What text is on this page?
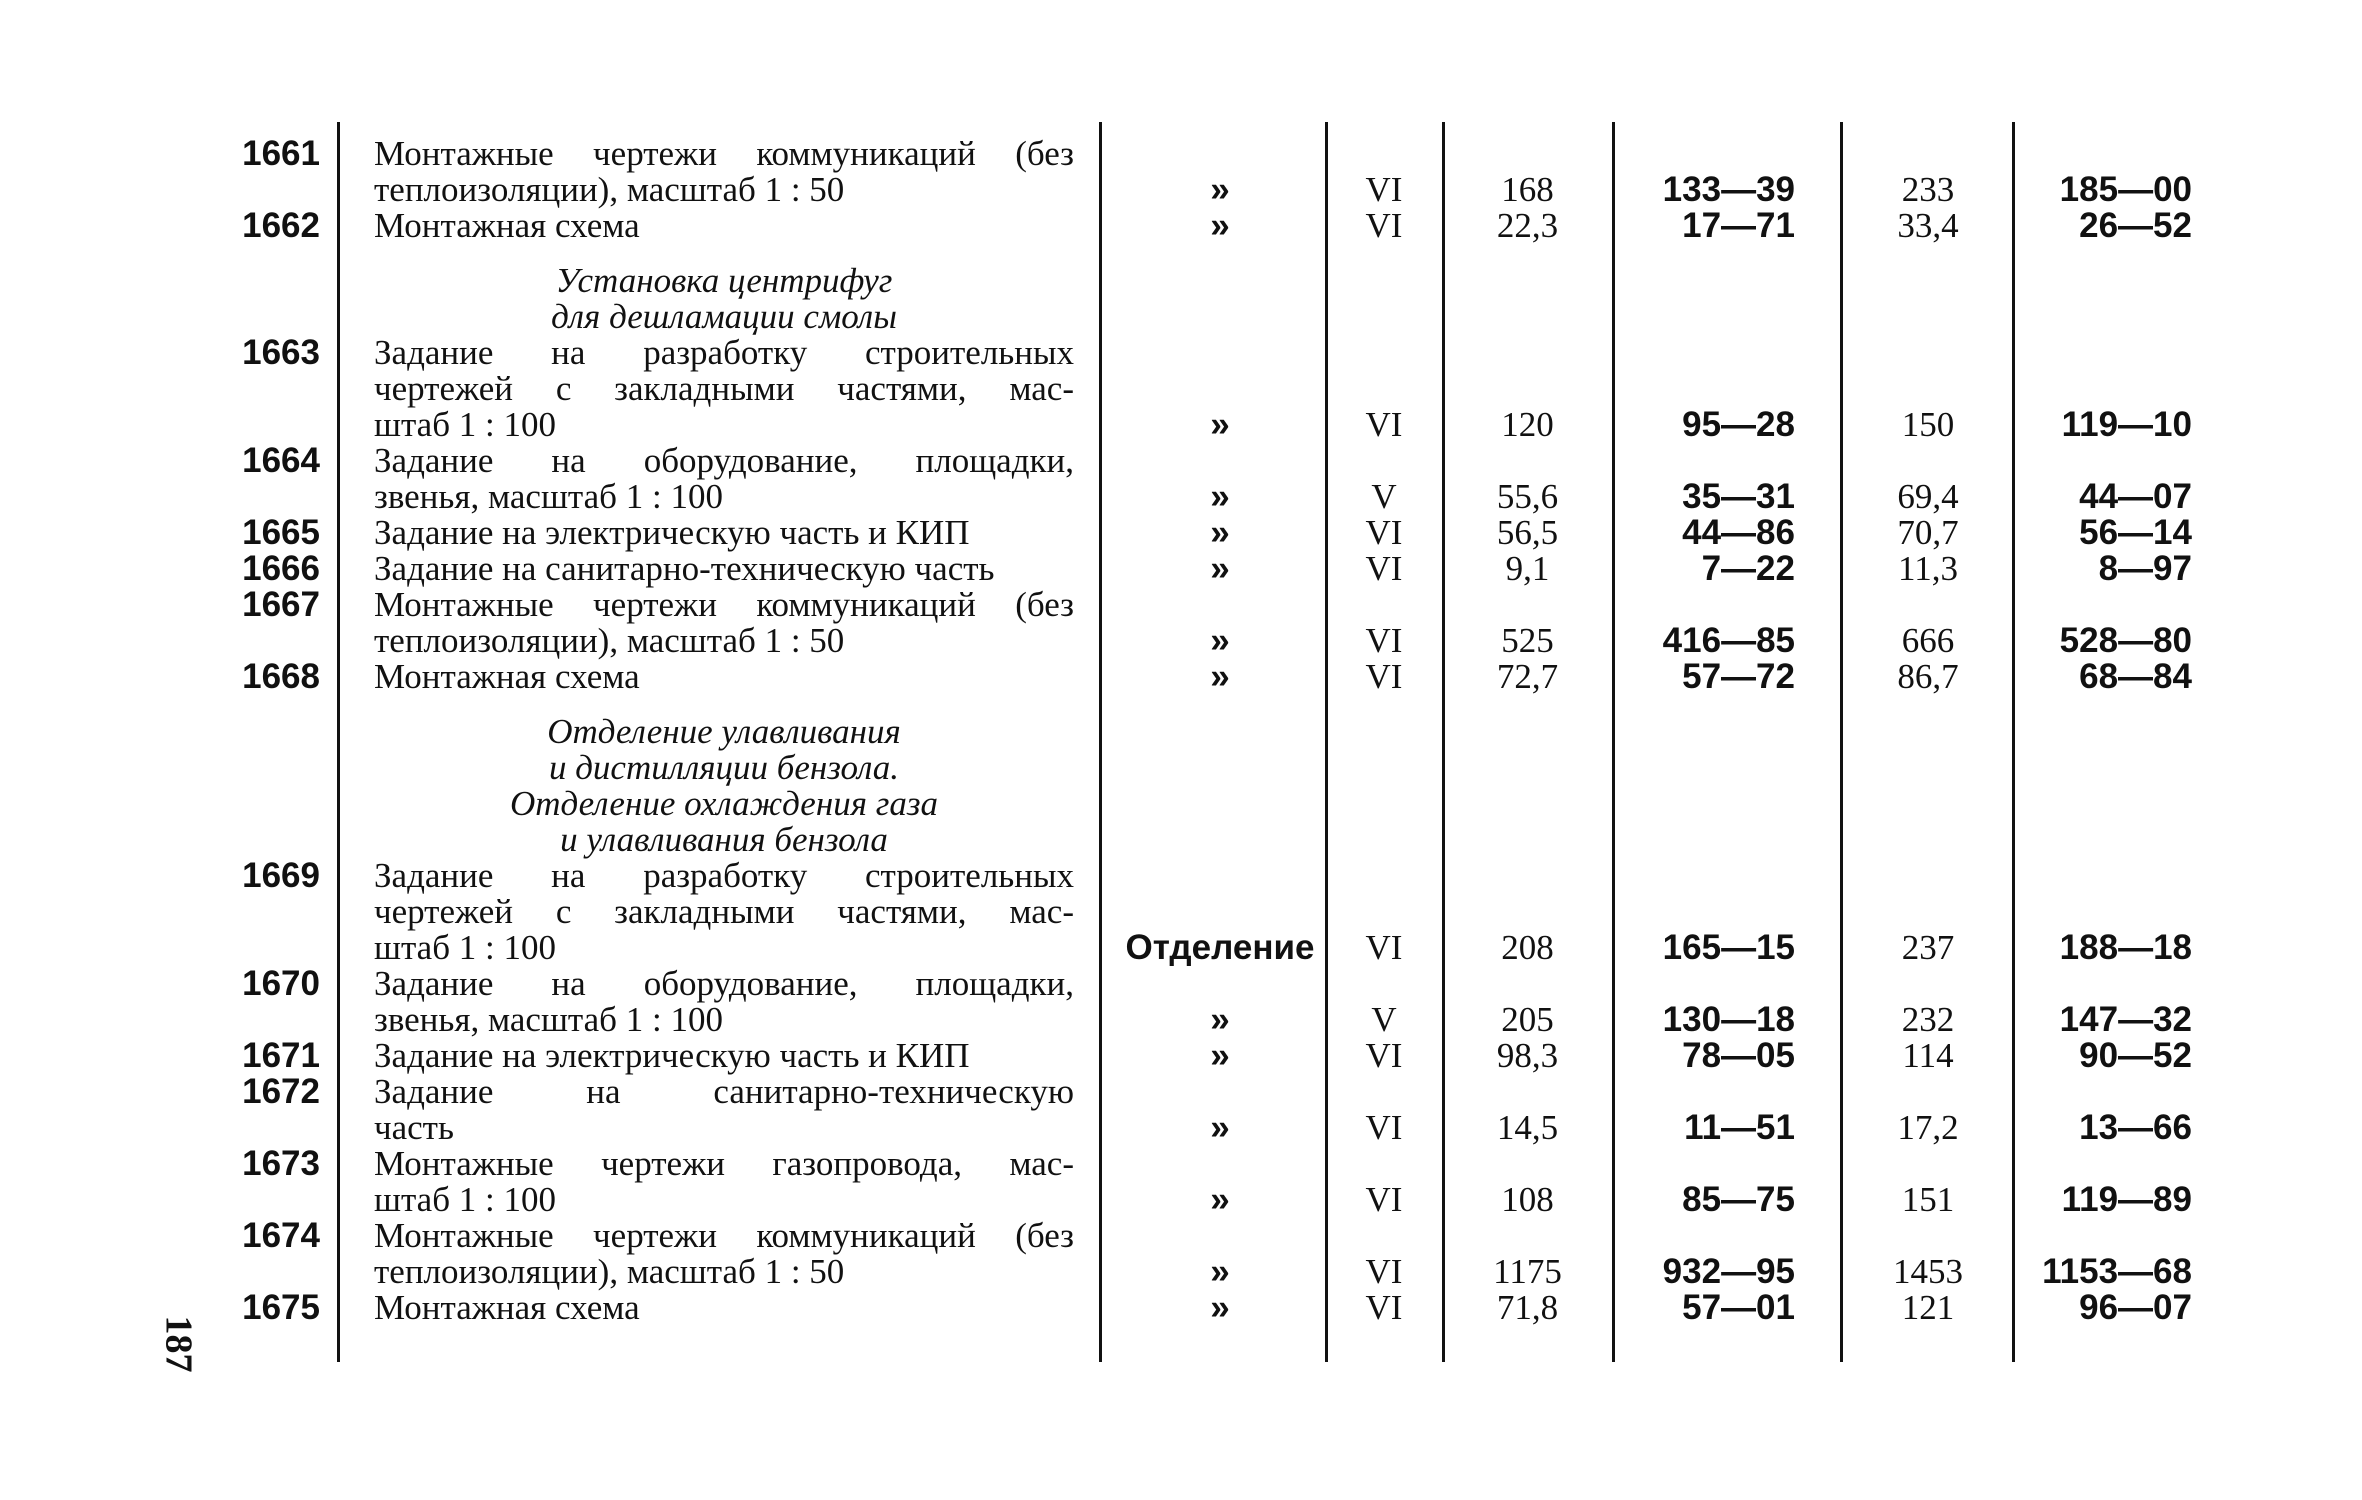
187
1661 Монтажные чертежи коммуникаций (без
теплоизоляции), масштаб 1 : 50	»	VI	168	133—39	233	185—00
1662 Монтажная схема	»	VI	22,3	17—71	33,4	26—52
Установка центрифуг
для дешламации смолы
1663 Задание на разработку строительных
чертежей с закладными частями, мас-
штаб 1 : 100	»	VI	120	95—28	150	119—10
1664 Задание на оборудование, площадки,
звенья, масштаб 1 : 100	»	V	55,6	35—31	69,4	44—07
1665 Задание на электрическую часть и КИП	»	VI	56,5	44—86	70,7	56—14
1666 Задание на санитарно-техническую часть	»	VI	9,1	7—22	11,3	8—97
1667 Монтажные чертежи коммуникаций (без
теплоизоляции), масштаб 1 : 50	»	VI	525	416—85	666	528—80
1668 Монтажная схема	»	VI	72,7	57—72	86,7	68—84
Отделение улавливания
и дистилляции бензола.
Отделение охлаждения газа
и улавливания бензола
1669 Задание на разработку строительных
чертежей с закладными частями, мас-
штаб 1 : 100	Отделение	VI	208	165—15	237	188—18
1670 Задание на оборудование, площадки,
звенья, масштаб 1 : 100	»	V	205	130—18	232	147—32
1671 Задание на электрическую часть и КИП	»	VI	98,3	78—05	114	90—52
1672 Задание на санитарно-техническую
часть	»	VI	14,5	11—51	17,2	13—66
1673 Монтажные чертежи газопровода, мас-
штаб 1 : 100	»	VI	108	85—75	151	119—89
1674 Монтажные чертежи коммуникаций (без
теплоизоляции), масштаб 1 : 50	»	VI	1175	932—95	1453	1153—68
1675 Монтажная схема	»	VI	71,8	57—01	121	96—07
